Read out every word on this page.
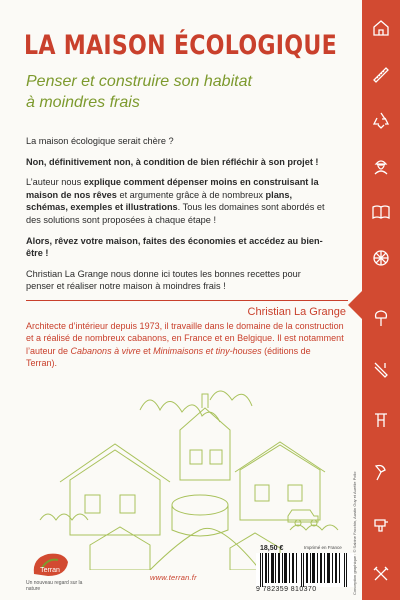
LA MAISON ÉCOLOGIQUE
Penser et construire son habitat
à moindres frais

La maison écologique serait chère ?

Non, définitivement non, à condition de bien réfléchir à son projet !

L’auteur nous explique comment dépenser moins en construisant la maison de nos rêves et argumente grâce à de nombreux plans, schémas, exemples et illustrations. Tous les domaines sont abordés et des solutions sont proposées à chaque étape !

Alors, rêvez votre maison, faites des économies et accédez au bien-être !

Christian La Grange nous donne ici toutes les bonnes recettes pour penser et réaliser notre maison à moindres frais !

Christian La Grange
Architecte d’intérieur depuis 1973, il travaille dans le domaine de la construction et a réalisé de nombreux cabanons, en France et en Belgique. Il est notamment l’auteur de Cabanons à vivre et Minimaisons et tiny-houses (éditions de Terran).
Terran
Un nouveau regard sur la nature
www.terran.fr
18,50 €	Imprimé en France
9 782359 810370	Conception graphique : © Sabine Facchin, Austin Guy et Aurélie Pollo
